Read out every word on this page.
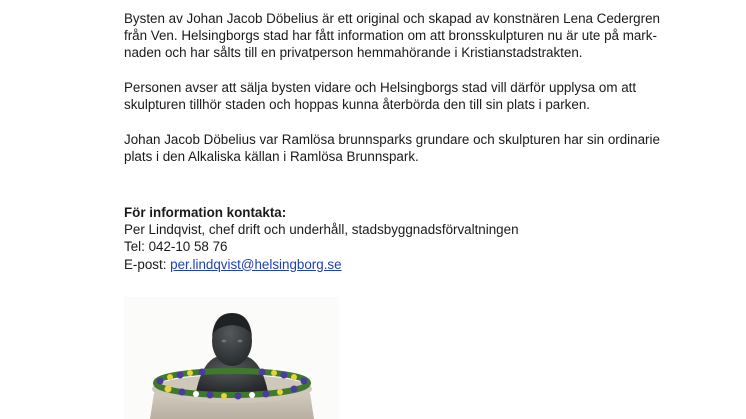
Bysten av Johan Jacob Döbelius är ett original och skapad av konstnären Lena Cedergren
från Ven. Helsingborgs stad har fått information om att bronsskulpturen nu är ute på mark-
naden och har sålts till en privatperson hemmahörande i Kristianstadstrakten.

Personen avser att sälja bysten vidare och Helsingborgs stad vill därför upplysa om att
skulpturen tillhör staden och hoppas kunna återbörda den till sin plats i parken.

Johan Jacob Döbelius var Ramlösa brunnsparks grundare och skulpturen har sin ordinarie
plats i den Alkaliska källan i Ramlösa Brunnspark.

För information kontakta:
Per Lindqvist, chef drift och underhåll, stadsbyggnadsförvaltningen
Tel: 042-10 58 76
E-post: per.lindqvist@helsingborg.se
